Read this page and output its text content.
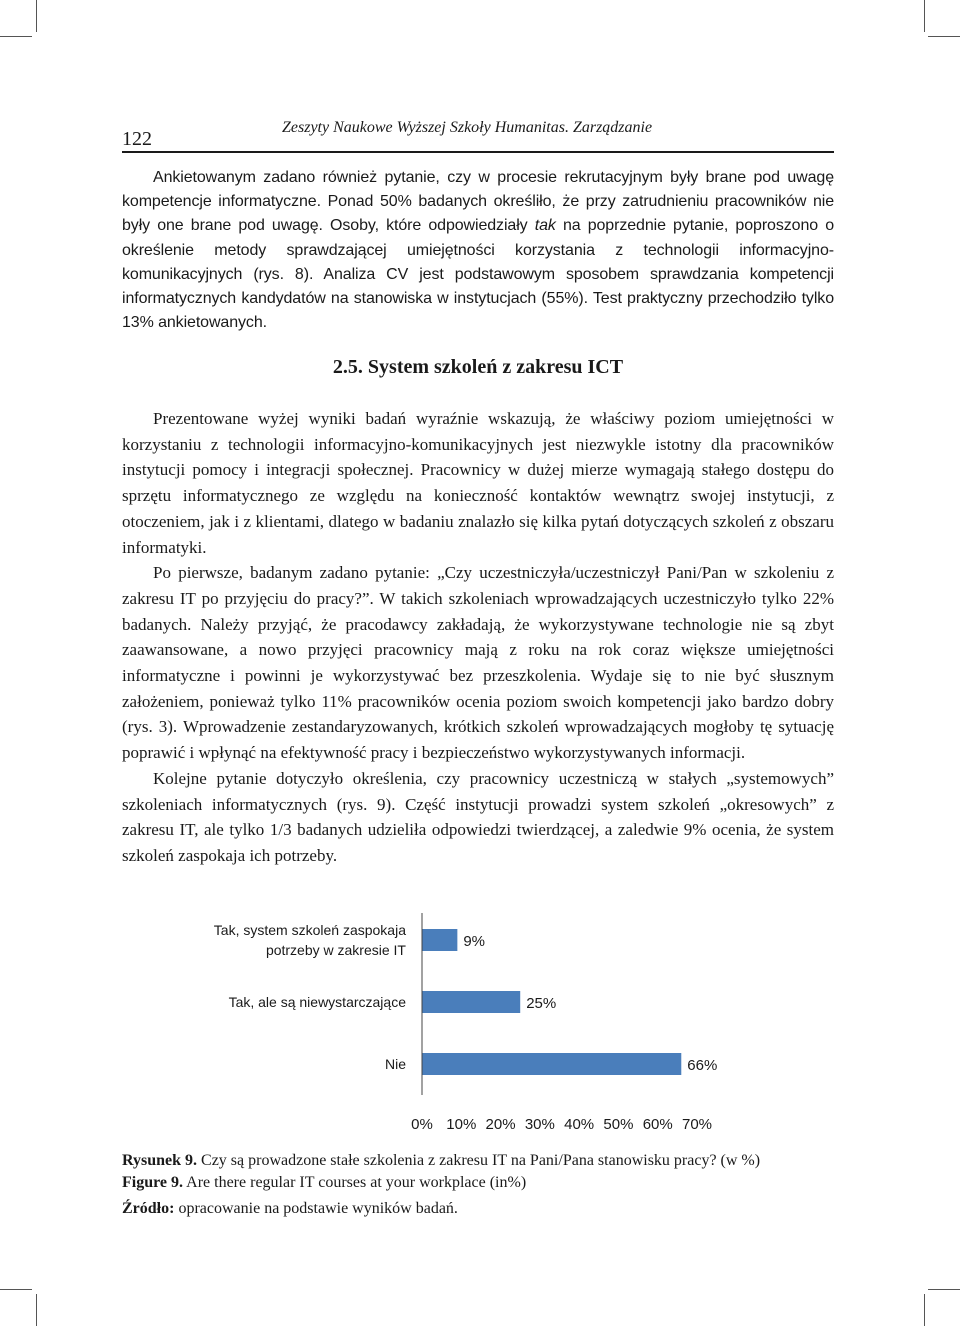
122
Zeszyty Naukowe Wyższej Szkoły Humanitas. Zarządzanie

Ankietowanym zadano również pytanie, czy w procesie rekrutacyjnym były brane pod uwagę kompetencje informatyczne. Ponad 50% badanych określiło, że przy zatrudnieniu pracowników nie były one brane pod uwagę. Osoby, które odpowiedziały tak na poprzednie pytanie, poproszono o określenie metody sprawdzającej umiejętności korzystania z technologii informacyjno-komunikacyjnych (rys. 8). Analiza CV jest podstawowym sposobem sprawdzania kompetencji informatycznych kandydatów na stanowiska w instytucjach (55%). Test praktyczny przechodziło tylko 13% ankietowanych.

2.5. System szkoleń z zakresu ICT

Prezentowane wyżej wyniki badań wyraźnie wskazują, że właściwy poziom umiejętności w korzystaniu z technologii informacyjno-komunikacyjnych jest niezwykle istotny dla pracowników instytucji pomocy i integracji społecznej. Pracownicy w dużej mierze wymagają stałego dostępu do sprzętu informatycznego ze względu na konieczność kontaktów wewnątrz swojej instytucji, z otoczeniem, jak i z klientami, dlatego w badaniu znalazło się kilka pytań dotyczących szkoleń z obszaru informatyki.

Po pierwsze, badanym zadano pytanie: „Czy uczestniczyła/uczestniczył Pani/Pan w szkoleniu z zakresu IT po przyjęciu do pracy?”. W takich szkoleniach wprowadzających uczestniczyło tylko 22% badanych. Należy przyjąć, że pracodawcy zakładają, że wykorzystywane technologie nie są zbyt zaawansowane, a nowo przyjęci pracownicy mają z roku na rok coraz większe umiejętności informatyczne i powinni je wykorzystywać bez przeszkolenia. Wydaje się to nie być słusznym założeniem, ponieważ tylko 11% pracowników ocenia poziom swoich kompetencji jako bardzo dobry (rys. 3). Wprowadzenie zestandaryzowanych, krótkich szkoleń wprowadzających mogłoby tę sytuację poprawić i wpłynąć na efektywność pracy i bezpieczeństwo wykorzystywanych informacji.

Kolejne pytanie dotyczyło określenia, czy pracownicy uczestniczą w stałych „systemowych” szkoleniach informatycznych (rys. 9). Część instytucji prowadzi system szkoleń „okresowych” z zakresu IT, ale tylko 1/3 badanych udzieliła odpowiedzi twierdzącej, a zaledwie 9% ocenia, że system szkoleń zaspokaja ich potrzeby.

9%
Tak, system szkoleń zaspokaja
potrzeby w zakresie IT
25%
Tak, ale są niewystarczające
66%
Nie
0% 10% 20% 30% 40% 50% 60% 70%
Rysunek 9. Czy są prowadzone stałe szkolenia z zakresu IT na Pani/Pana stanowisku pracy? (w %)
Figure 9. Are there regular IT courses at your workplace (in%)
Źródło: opracowanie na podstawie wyników badań.
